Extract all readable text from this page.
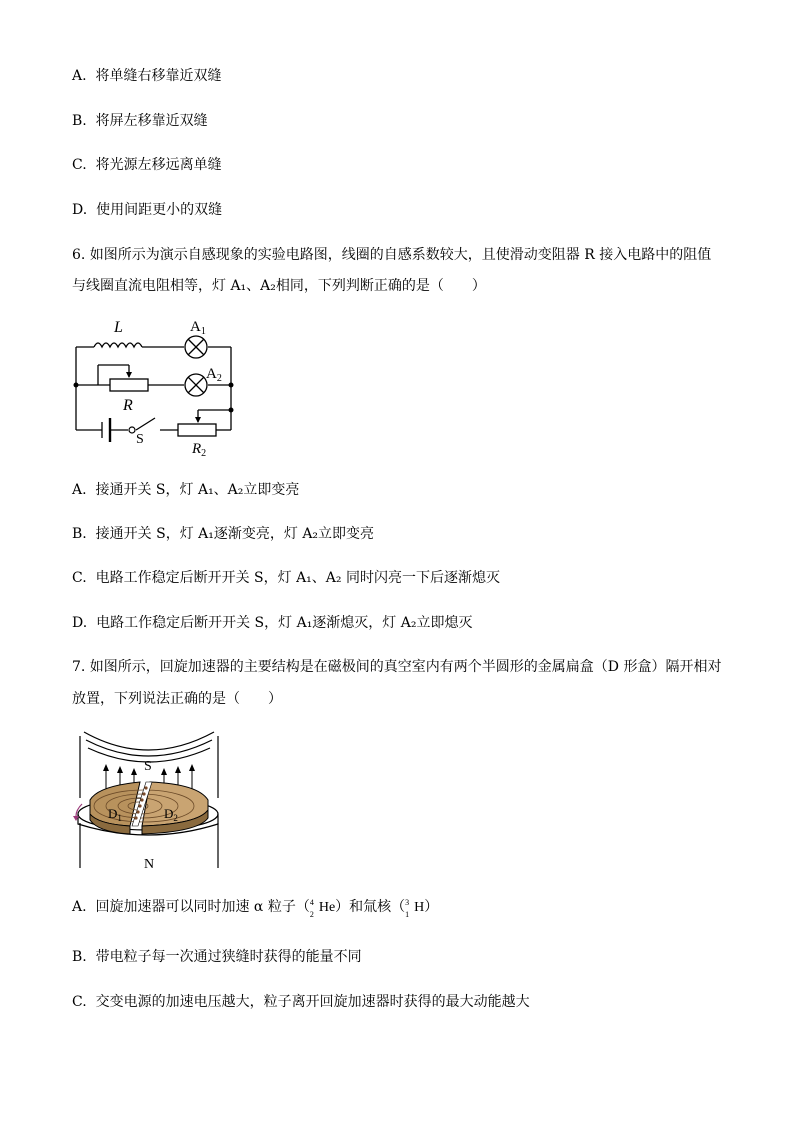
A. 将单缝右移靠近双缝
B. 将屏左移靠近双缝
C. 将光源左移远离单缝
D. 使用间距更小的双缝
6. 如图所示为演示自感现象的实验电路图，线圈的自感系数较大，且使滑动变阻器 R 接入电路中的阻值
与线圈直流电阻相等，灯 A₁、A₂相同，下列判断正确的是（　　）
L	$A_1$
$A_2$
R
S
$R_2$
A. 接通开关 S，灯 A₁、A₂立即变亮
B. 接通开关 S，灯 A₁逐渐变亮，灯 A₂立即变亮
C. 电路工作稳定后断开开关 S，灯 A₁、A₂ 同时闪亮一下后逐渐熄灭
D. 电路工作稳定后断开开关 S，灯 A₁逐渐熄灭，灯 A₂立即熄灭
7. 如图所示，回旋加速器的主要结构是在磁极间的真空室内有两个半圆形的金属扁盒（D 形盒）隔开相对
放置，下列说法正确的是（　　）
S
N
$D_1$	$D_2$
A. 回旋加速器可以同时加速 α 粒子（ 4
2 He）和氚核（ 3
1 H）
B. 带电粒子每一次通过狭缝时获得的能量不同
C. 交变电源的加速电压越大，粒子离开回旋加速器时获得的最大动能越大
